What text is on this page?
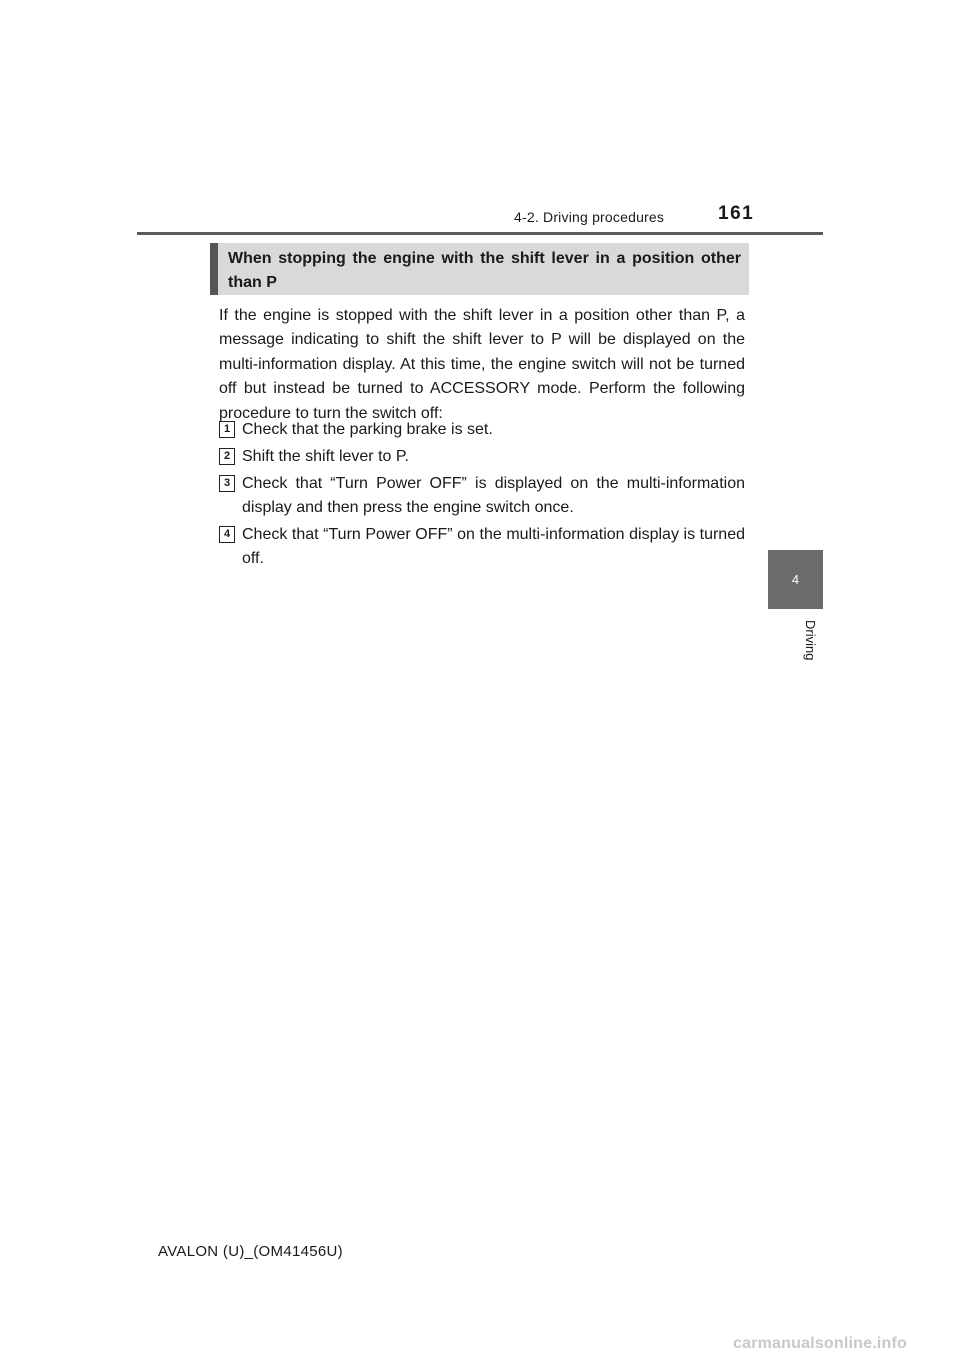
4-2. Driving procedures	161
4
Driving
When stopping the engine with the shift lever in a position other than P
If the engine is stopped with the shift lever in a position other than P, a message indicating to shift the shift lever to P will be displayed on the multi-information display. At this time, the engine switch will not be turned off but instead be turned to ACCESSORY mode. Perform the following procedure to turn the switch off:
1 Check that the parking brake is set.
2 Shift the shift lever to P.
3 Check that “Turn Power OFF” is displayed on the multi-information display and then press the engine switch once.
4 Check that “Turn Power OFF” on the multi-information display is turned off.
AVALON (U)_(OM41456U)
carmanualsonline.info
